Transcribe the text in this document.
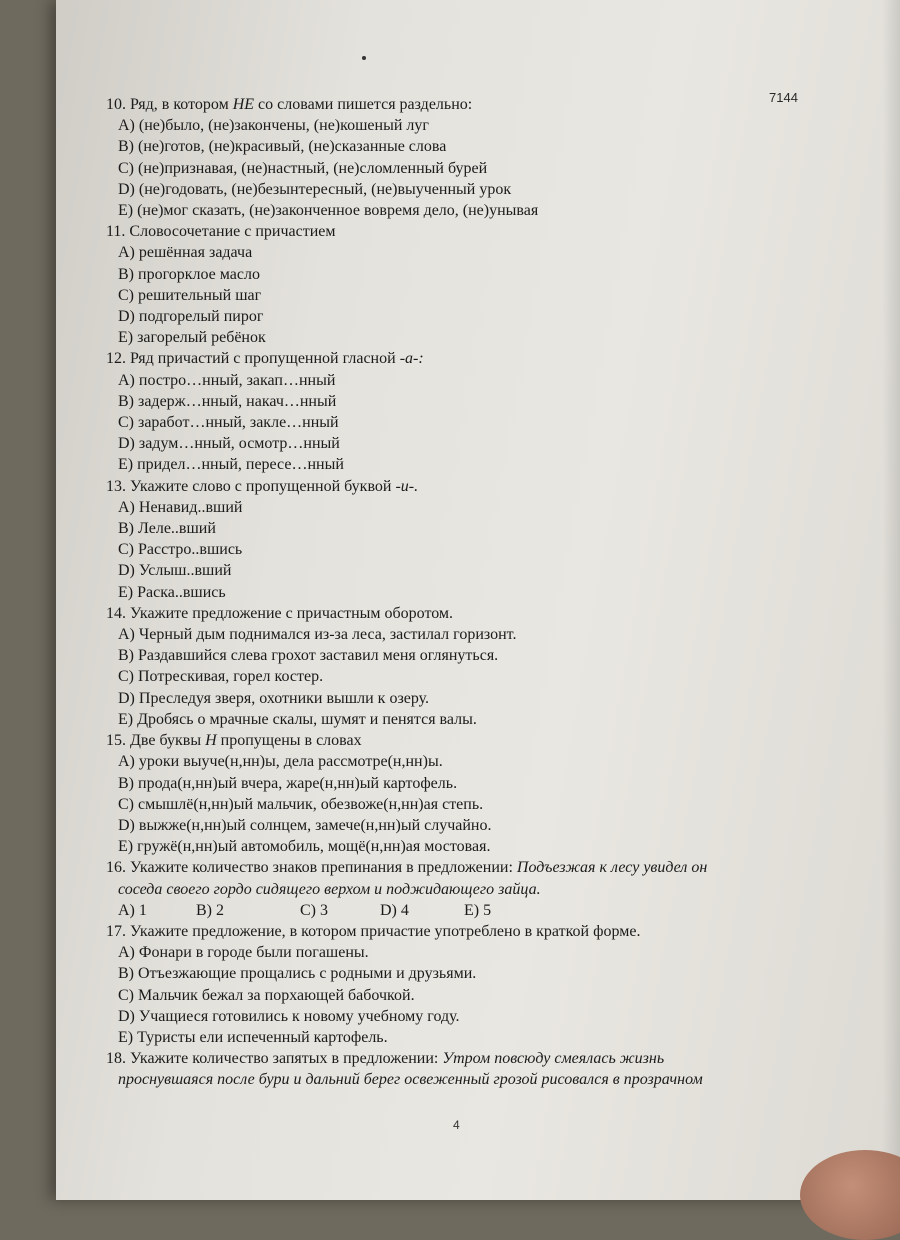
7144

10. Ряд, в котором НЕ со словами пишется раздельно:

A) (не)было, (не)закончены, (не)кошеный луг

B) (не)готов, (не)красивый, (не)сказанные слова

C) (не)признавая, (не)настный, (не)сломленный бурей

D) (не)годовать, (не)безынтересный, (не)выученный урок

E) (не)мог сказать, (не)законченное вовремя дело, (не)унывая

11. Словосочетание с причастием

A) решённая задача

B) прогорклое масло

C) решительный шаг

D) подгорелый пирог

E) загорелый ребёнок

12. Ряд причастий с пропущенной гласной -а-:

A) постро…нный, закап…нный

B) задерж…нный, накач…нный

C) заработ…нный, закле…нный

D) задум…нный, осмотр…нный

E) придел…нный, пересе…нный

13. Укажите слово с пропущенной буквой -и-.

A) Ненавид..вший

B) Леле..вший

C) Расстро..вшись

D) Услыш..вший

E) Раска..вшись

14. Укажите предложение с причастным оборотом.

A) Черный дым поднимался из-за леса, застилал горизонт.

B) Раздавшийся слева грохот заставил меня оглянуться.

C) Потрескивая, горел костер.

D) Преследуя зверя, охотники вышли к озеру.

E) Дробясь о мрачные скалы, шумят и пенятся валы.

15. Две буквы Н пропущены в словах

A) уроки выуче(н,нн)ы, дела рассмотре(н,нн)ы.

B) прода(н,нн)ый вчера, жаре(н,нн)ый картофель.

C) смышлё(н,нн)ый мальчик, обезвоже(н,нн)ая степь.

D) выжже(н,нн)ый солнцем, замече(н,нн)ый случайно.

E) гружё(н,нн)ый автомобиль, мощё(н,нн)ая мостовая.

16. Укажите количество знаков препинания в предложении: Подъезжая к лесу увидел он

соседа своего гордо сидящего верхом и поджидающего зайца.

A) 1	B) 2	C) 3	D) 4	E) 5

17. Укажите предложение, в котором причастие употреблено в краткой форме.

A) Фонари в городе были погашены.

B) Отъезжающие прощались с родными и друзьями.

C) Мальчик бежал за порхающей бабочкой.

D) Учащиеся готовились к новому учебному году.

E) Туристы ели испеченный картофель.

18. Укажите количество запятых в предложении: Утром повсюду смеялась жизнь

проснувшаяся после бури и дальний берег освеженный грозой рисовался в прозрачном

4
